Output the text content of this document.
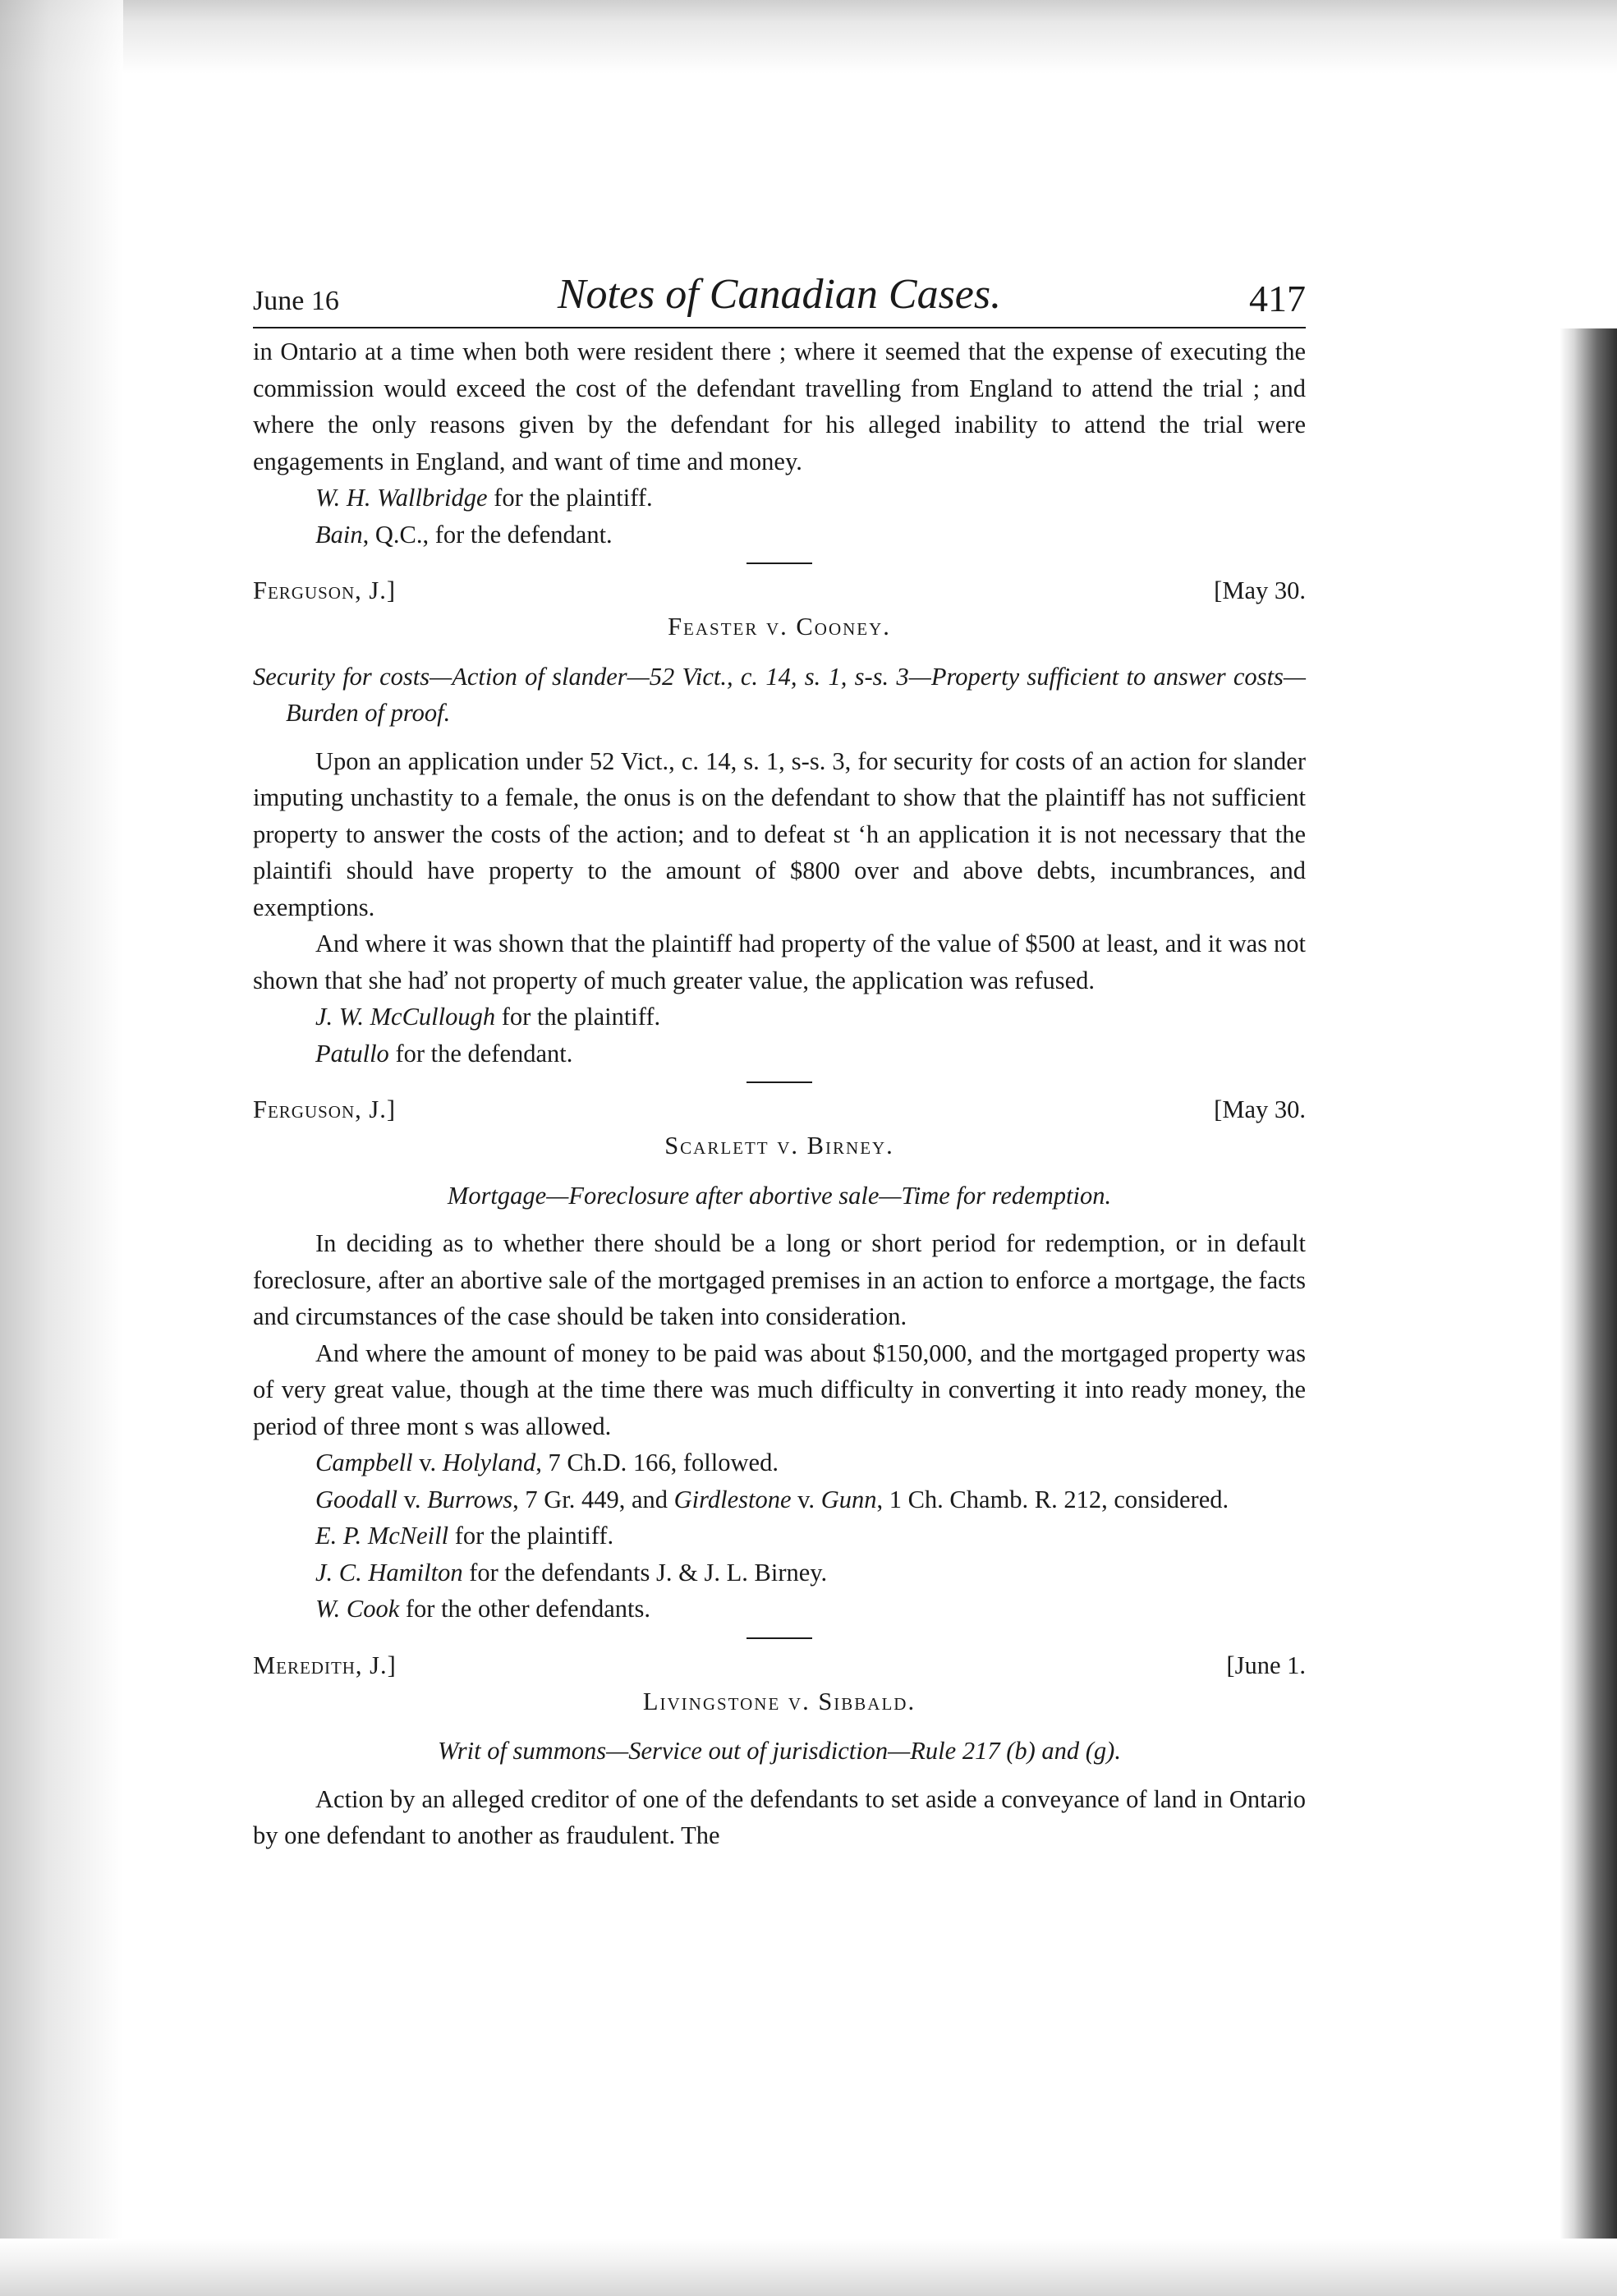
June 16	Notes of Canadian Cases.	417

in Ontario at a time when both were resident there ; where it seemed that the expense of executing the commission would exceed the cost of the defendant travelling from England to attend the trial ; and where the only reasons given by the defendant for his alleged inability to attend the trial were engagements in England, and want of time and money.

W. H. Wallbridge for the plaintiff.

Bain, Q.C., for the defendant.

Ferguson, J.]	[May 30.
Feaster v. Cooney.

Security for costs—Action of slander—52 Vict., c. 14, s. 1, s-s. 3—Property sufficient to answer costs—Burden of proof.

Upon an application under 52 Vict., c. 14, s. 1, s-s. 3, for security for costs of an action for slander imputing unchastity to a female, the onus is on the defendant to show that the plaintiff has not sufficient property to answer the costs of the action; and to defeat st ʻh an application it is not necessary that the plaintifi should have property to the amount of $800 over and above debts, incumbrances, and exemptions.

And where it was shown that the plaintiff had property of the value of $500 at least, and it was not shown that she haď not property of much greater value, the application was refused.

J. W. McCullough for the plaintiff.

Patullo for the defendant.

Ferguson, J.]	[May 30.
Scarlett v. Birney.

Mortgage—Foreclosure after abortive sale—Time for redemption.

In deciding as to whether there should be a long or short period for redemption, or in default foreclosure, after an abortive sale of the mortgaged premises in an action to enforce a mortgage, the facts and circumstances of the case should be taken into consideration.

And where the amount of money to be paid was about $150,000, and the mortgaged property was of very great value, though at the time there was much difficulty in converting it into ready money, the period of three mont s was allowed.

Campbell v. Holyland, 7 Ch.D. 166, followed.

Goodall v. Burrows, 7 Gr. 449, and Girdlestone v. Gunn, 1 Ch. Chamb. R. 212, considered.

E. P. McNeill for the plaintiff.

J. C. Hamilton for the defendants J. & J. L. Birney.

W. Cook for the other defendants.

Meredith, J.]	[June 1.
Livingstone v. Sibbald.

Writ of summons—Service out of jurisdiction—Rule 217 (b) and (g).

Action by an alleged creditor of one of the defendants to set aside a conveyance of land in Ontario by one defendant to another as fraudulent. The
